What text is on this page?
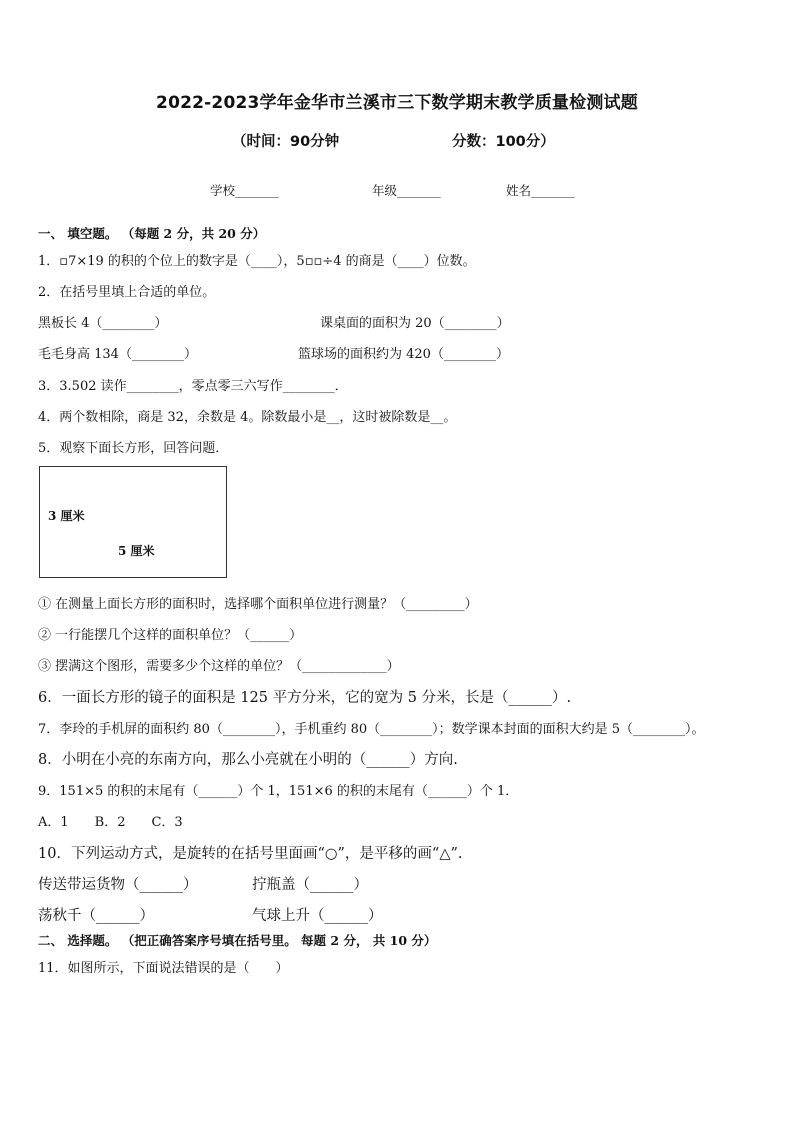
2022-2023学年金华市兰溪市三下数学期末教学质量检测试题
（时间：90分钟	分数：100分）
学校_______	年级_______	姓名_______
一、 填空题。 （每题 2 分，共 20 分）
1．▫7×19 的积的个位上的数字是（____），5▫▫÷4 的商是（____）位数。
2．在括号里填上合适的单位。
黑板长 4（________）	课桌面的面积为 20（________）
毛毛身高 134（________）	篮球场的面积约为 420（________）
3．3.502 读作________，零点零三六写作________．
4．两个数相除，商是 32，余数是 4。除数最小是__，这时被除数是__。
5．观察下面长方形，回答问题．
3 厘米
5 厘米
① 在测量上面长方形的面积时，选择哪个面积单位进行测量？（_________）
② 一行能摆几个这样的面积单位？（______）
③ 摆满这个图形，需要多少个这样的单位？（_____________）
6．一面长方形的镜子的面积是 125 平方分米，它的宽为 5 分米，长是（______）.
7．李玲的手机屏的面积约 80（________），手机重约 80（________）；数学课本封面的面积大约是 5（________）。
8．小明在小亮的东南方向，那么小亮就在小明的（______）方向.
9．151×5 的积的末尾有（______）个 1，151×6 的积的末尾有（______）个 1．
A．1　　B．2　　C．3
10．下列运动方式，是旋转的在括号里面画“○”，是平移的画“△”.
传送带运货物（______）	拧瓶盖（______）
荡秋千（______）	气球上升（______）
二、 选择题。 （把正确答案序号填在括号里。 每题 2 分， 共 10 分）
11．如图所示，下面说法错误的是（　　）
